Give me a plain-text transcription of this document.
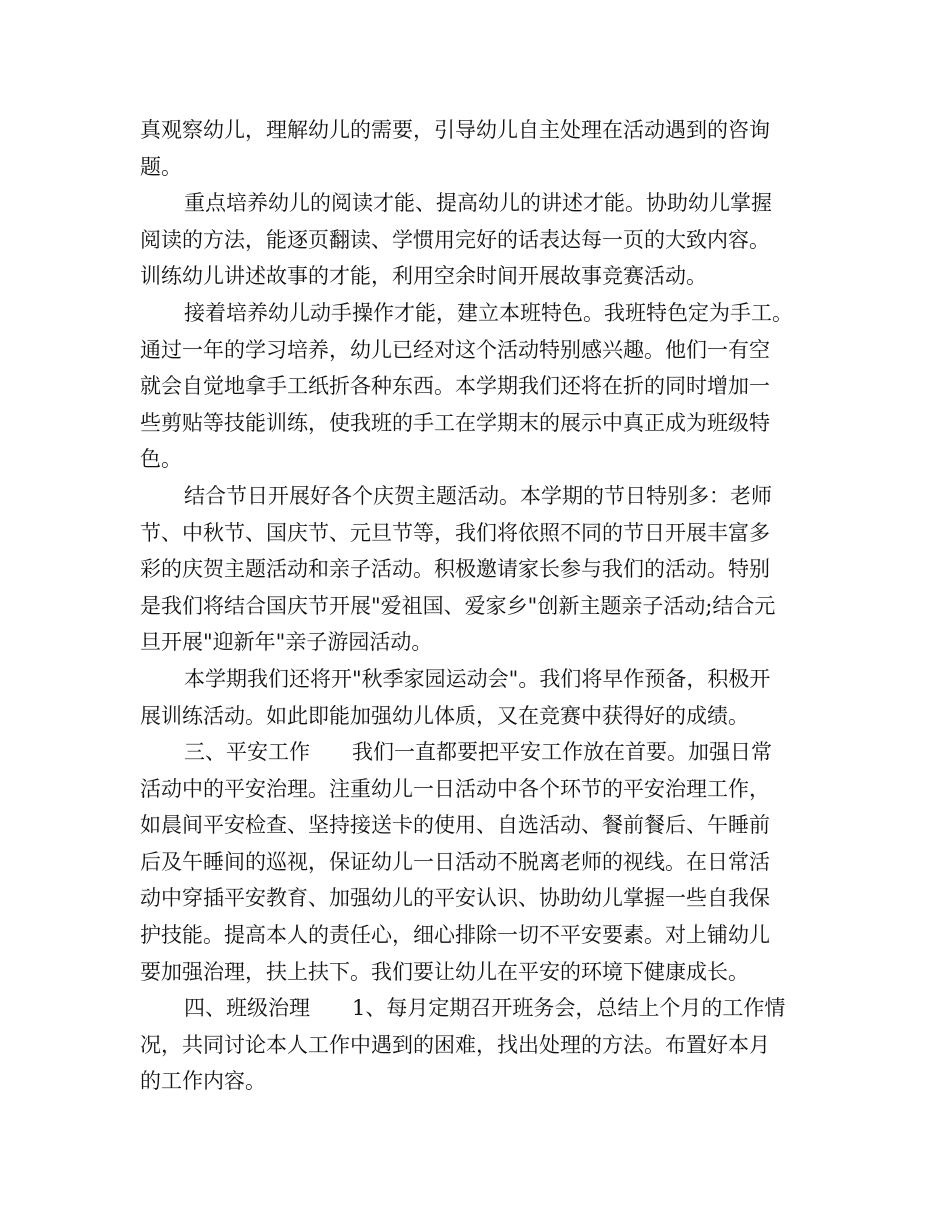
真观察幼儿，理解幼儿的需要，引导幼儿自主处理在活动遇到的咨询
题。
重点培养幼儿的阅读才能、提高幼儿的讲述才能。协助幼儿掌握
阅读的方法，能逐页翻读、学惯用完好的话表达每一页的大致内容。
训练幼儿讲述故事的才能，利用空余时间开展故事竞赛活动。
接着培养幼儿动手操作才能，建立本班特色。我班特色定为手工。
通过一年的学习培养，幼儿已经对这个活动特别感兴趣。他们一有空
就会自觉地拿手工纸折各种东西。本学期我们还将在折的同时增加一
些剪贴等技能训练，使我班的手工在学期末的展示中真正成为班级特
色。
结合节日开展好各个庆贺主题活动。本学期的节日特别多：老师
节、中秋节、国庆节、元旦节等，我们将依照不同的节日开展丰富多
彩的庆贺主题活动和亲子活动。积极邀请家长参与我们的活动。特别
是我们将结合国庆节开展"爱祖国、爱家乡"创新主题亲子活动;结合元
旦开展"迎新年"亲子游园活动。
本学期我们还将开"秋季家园运动会"。我们将早作预备，积极开
展训练活动。如此即能加强幼儿体质，又在竞赛中获得好的成绩。
三、平安工作　　我们一直都要把平安工作放在首要。加强日常
活动中的平安治理。注重幼儿一日活动中各个环节的平安治理工作，
如晨间平安检查、坚持接送卡的使用、自选活动、餐前餐后、午睡前
后及午睡间的巡视，保证幼儿一日活动不脱离老师的视线。在日常活
动中穿插平安教育、加强幼儿的平安认识、协助幼儿掌握一些自我保
护技能。提高本人的责任心，细心排除一切不平安要素。对上铺幼儿
要加强治理，扶上扶下。我们要让幼儿在平安的环境下健康成长。
四、班级治理　　1、每月定期召开班务会，总结上个月的工作情
况，共同讨论本人工作中遇到的困难，找出处理的方法。布置好本月
的工作内容。
